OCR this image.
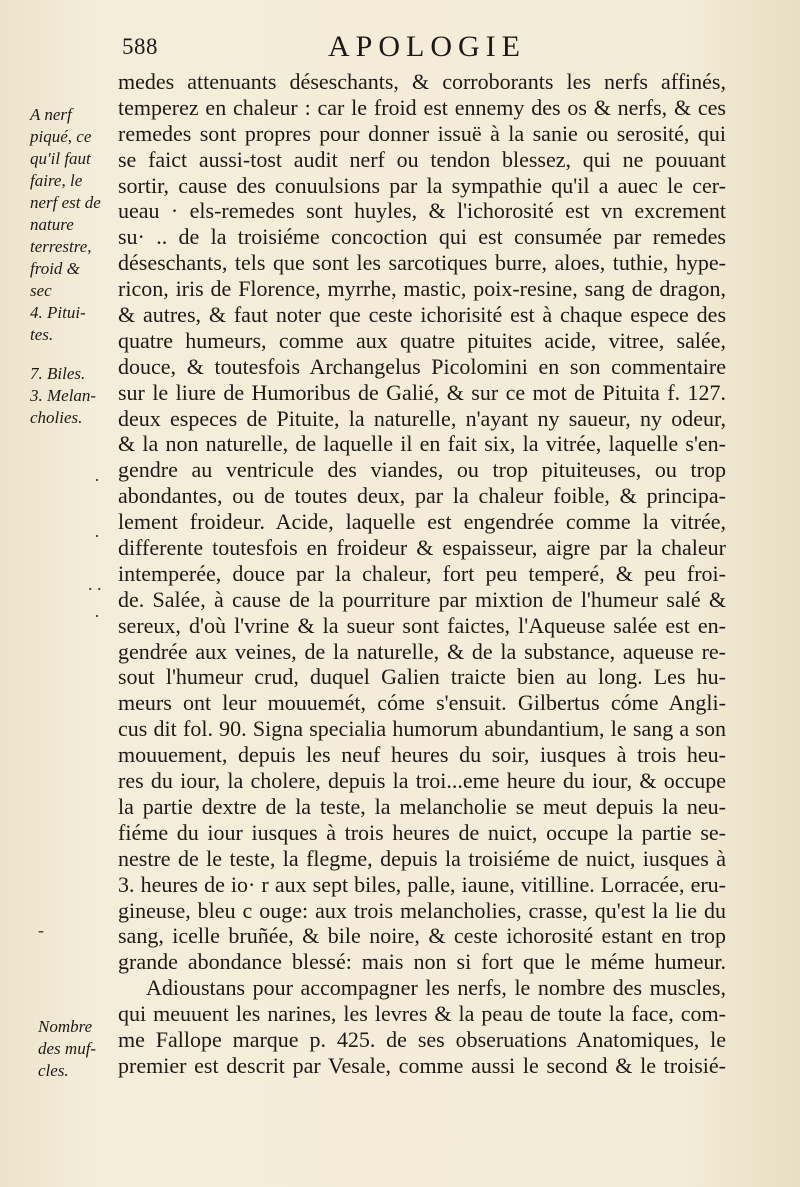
588	APOLOGIE
A nerf
piqué, ce
qu'il faut
faire, le
nerf est de
nature
terrestre,
froid &
sec
4. Pitui-
tes.
7. Biles.
3. Melan-
cholies.
Nombre
des muf-
cles.
·
·
. .
·
-
medes attenuants déseschants, & corroborants les nerfs affinés,
temperez en chaleur : car le froid est ennemy des os & nerfs, & ces
remedes sont propres pour donner issuë à la sanie ou serosité, qui
se faict aussi-tost audit nerf ou tendon blessez, qui ne pouuant
sortir, cause des conuulsions par la sympathie qu'il a auec le cer-
ueau · els-remedes sont huyles, & l'ichorosité est vn excrement
su· .. de la troisiéme concoction qui est consumée par remedes
déseschants, tels que sont les sarcotiques burre, aloes, tuthie, hype-
ricon, iris de Florence, myrrhe, mastic, poix-resine, sang de dragon,
& autres, & faut noter que ceste ichorisité est à chaque espece des
quatre humeurs, comme aux quatre pituites acide, vitree, salée,
douce, & toutesfois Archangelus Picolomini en son commentaire
sur le liure de Humoribus de Galié, & sur ce mot de Pituita f. 127.
deux especes de Pituite, la naturelle, n'ayant ny saueur, ny odeur,
& la non naturelle, de laquelle il en fait six, la vitrée, laquelle s'en-
gendre au ventricule des viandes, ou trop pituiteuses, ou trop
abondantes, ou de toutes deux, par la chaleur foible, & principa-
lement froideur. Acide, laquelle est engendrée comme la vitrée,
differente toutesfois en froideur & espaisseur, aigre par la chaleur
intemperée, douce par la chaleur, fort peu temperé, & peu froi-
de. Salée, à cause de la pourriture par mixtion de l'humeur salé &
sereux, d'où l'vrine & la sueur sont faictes, l'Aqueuse salée est en-
gendrée aux veines, de la naturelle, & de la substance, aqueuse re-
sout l'humeur crud, duquel Galien traicte bien au long. Les hu-
meurs ont leur mouuemét, cóme s'ensuit. Gilbertus cóme Angli-
cus dit fol. 90. Signa specialia humorum abundantium, le sang a son
mouuement, depuis les neuf heures du soir, iusques à trois heu-
res du iour, la cholere, depuis la troi...eme heure du iour, & occupe
la partie dextre de la teste, la melancholie se meut depuis la neu-
fiéme du iour iusques à trois heures de nuict, occupe la partie se-
nestre de le teste, la flegme, depuis la troisiéme de nuict, iusques à
3. heures de io· r aux sept biles, palle, iaune, vitilline. Lorracée, eru-
gineuse, bleu c ouge: aux trois melancholies, crasse, qu'est la lie du
sang, icelle bruñée, & bile noire, & ceste ichorosité estant en trop
grande abondance blessé: mais non si fort que le méme humeur.
Adioustans pour accompagner les nerfs, le nombre des muscles,
qui meuuent les narines, les levres & la peau de toute la face, com-
me Fallope marque p. 425. de ses obseruations Anatomiques, le
premier est descrit par Vesale, comme aussi le second & le troisié-
